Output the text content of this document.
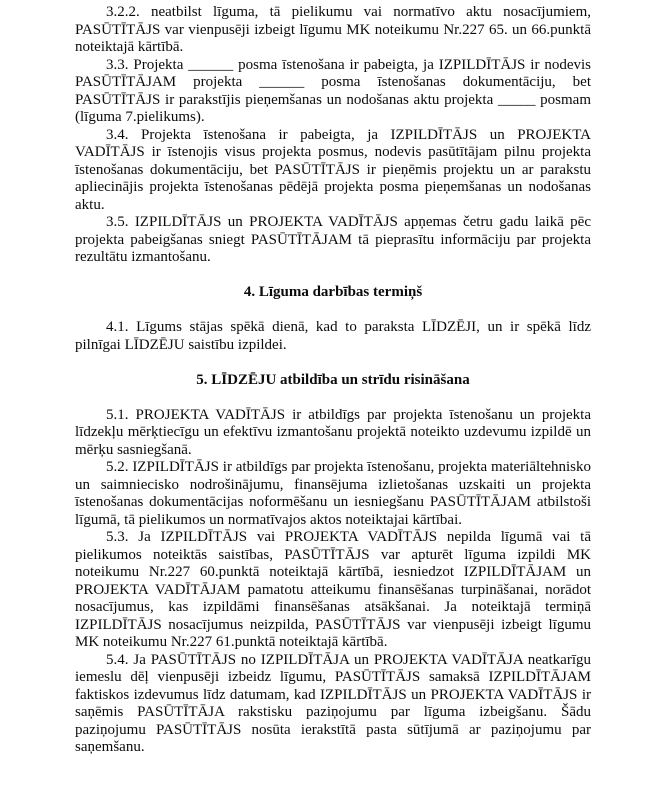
3.2.2. neatbilst līguma, tā pielikumu vai normatīvo aktu nosacījumiem, PASŪTĪTĀJS var vienpusēji izbeigt līgumu MK noteikumu Nr.227 65. un 66.punktā noteiktajā kārtībā.

3.3. Projekta ______ posma īstenošana ir pabeigta, ja IZPILDĪTĀJS ir nodevis PASŪTĪTĀJAM projekta ______ posma īstenošanas dokumentāciju, bet PASŪTĪTĀJS ir parakstījis pieņemšanas un nodošanas aktu projekta _____ posmam (līguma 7.pielikums).

3.4. Projekta īstenošana ir pabeigta, ja IZPILDĪTĀJS un PROJEKTA VADĪTĀJS ir īstenojis visus projekta posmus, nodevis pasūtītājam pilnu projekta īstenošanas dokumentāciju, bet PASŪTĪTĀJS ir pieņēmis projektu un ar parakstu apliecinājis projekta īstenošanas pēdējā projekta posma pieņemšanas un nodošanas aktu.

3.5. IZPILDĪTĀJS un PROJEKTA VADĪTĀJS apņemas četru gadu laikā pēc projekta pabeigšanas sniegt PASŪTĪTĀJAM tā pieprasītu informāciju par projekta rezultātu izmantošanu.

4. Līguma darbības termiņš

4.1. Līgums stājas spēkā dienā, kad to paraksta LĪDZĒJI, un ir spēkā līdz pilnīgai LĪDZĒJU saistību izpildei.

5. LĪDZĒJU atbildība un strīdu risināšana

5.1. PROJEKTA VADĪTĀJS ir atbildīgs par projekta īstenošanu un projekta līdzekļu mērķtiecīgu un efektīvu izmantošanu projektā noteikto uzdevumu izpildē un mērķu sasniegšanā.

5.2. IZPILDĪTĀJS ir atbildīgs par projekta īstenošanu, projekta materiāltehnisko un saimniecisko nodrošinājumu, finansējuma izlietošanas uzskaiti un projekta īstenošanas dokumentācijas noformēšanu un iesniegšanu PASŪTĪTĀJAM atbilstoši līgumā, tā pielikumos un normatīvajos aktos noteiktajai kārtībai.

5.3. Ja IZPILDĪTĀJS vai PROJEKTA VADĪTĀJS nepilda līgumā vai tā pielikumos noteiktās saistības, PASŪTĪTĀJS var apturēt līguma izpildi MK noteikumu Nr.227 60.punktā noteiktajā kārtībā, iesniedzot IZPILDĪTĀJAM un PROJEKTA VADĪTĀJAM pamatotu atteikumu finansēšanas turpināšanai, norādot nosacījumus, kas izpildāmi finansēšanas atsākšanai. Ja noteiktajā termiņā IZPILDĪTĀJS nosacījumus neizpilda, PASŪTĪTĀJS var vienpusēji izbeigt līgumu MK noteikumu Nr.227 61.punktā noteiktajā kārtībā.

5.4. Ja PASŪTĪTĀJS no IZPILDĪTĀJA un PROJEKTA VADĪTĀJA neatkarīgu iemeslu dēļ vienpusēji izbeidz līgumu, PASŪTĪTĀJS samaksā IZPILDĪTĀJAM faktiskos izdevumus līdz datumam, kad IZPILDĪTĀJS un PROJEKTA VADĪTĀJS ir saņēmis PASŪTĪTĀJA rakstisku paziņojumu par līguma izbeigšanu. Šādu paziņojumu PASŪTĪTĀJS nosūta ierakstītā pasta sūtījumā ar paziņojumu par saņemšanu.
